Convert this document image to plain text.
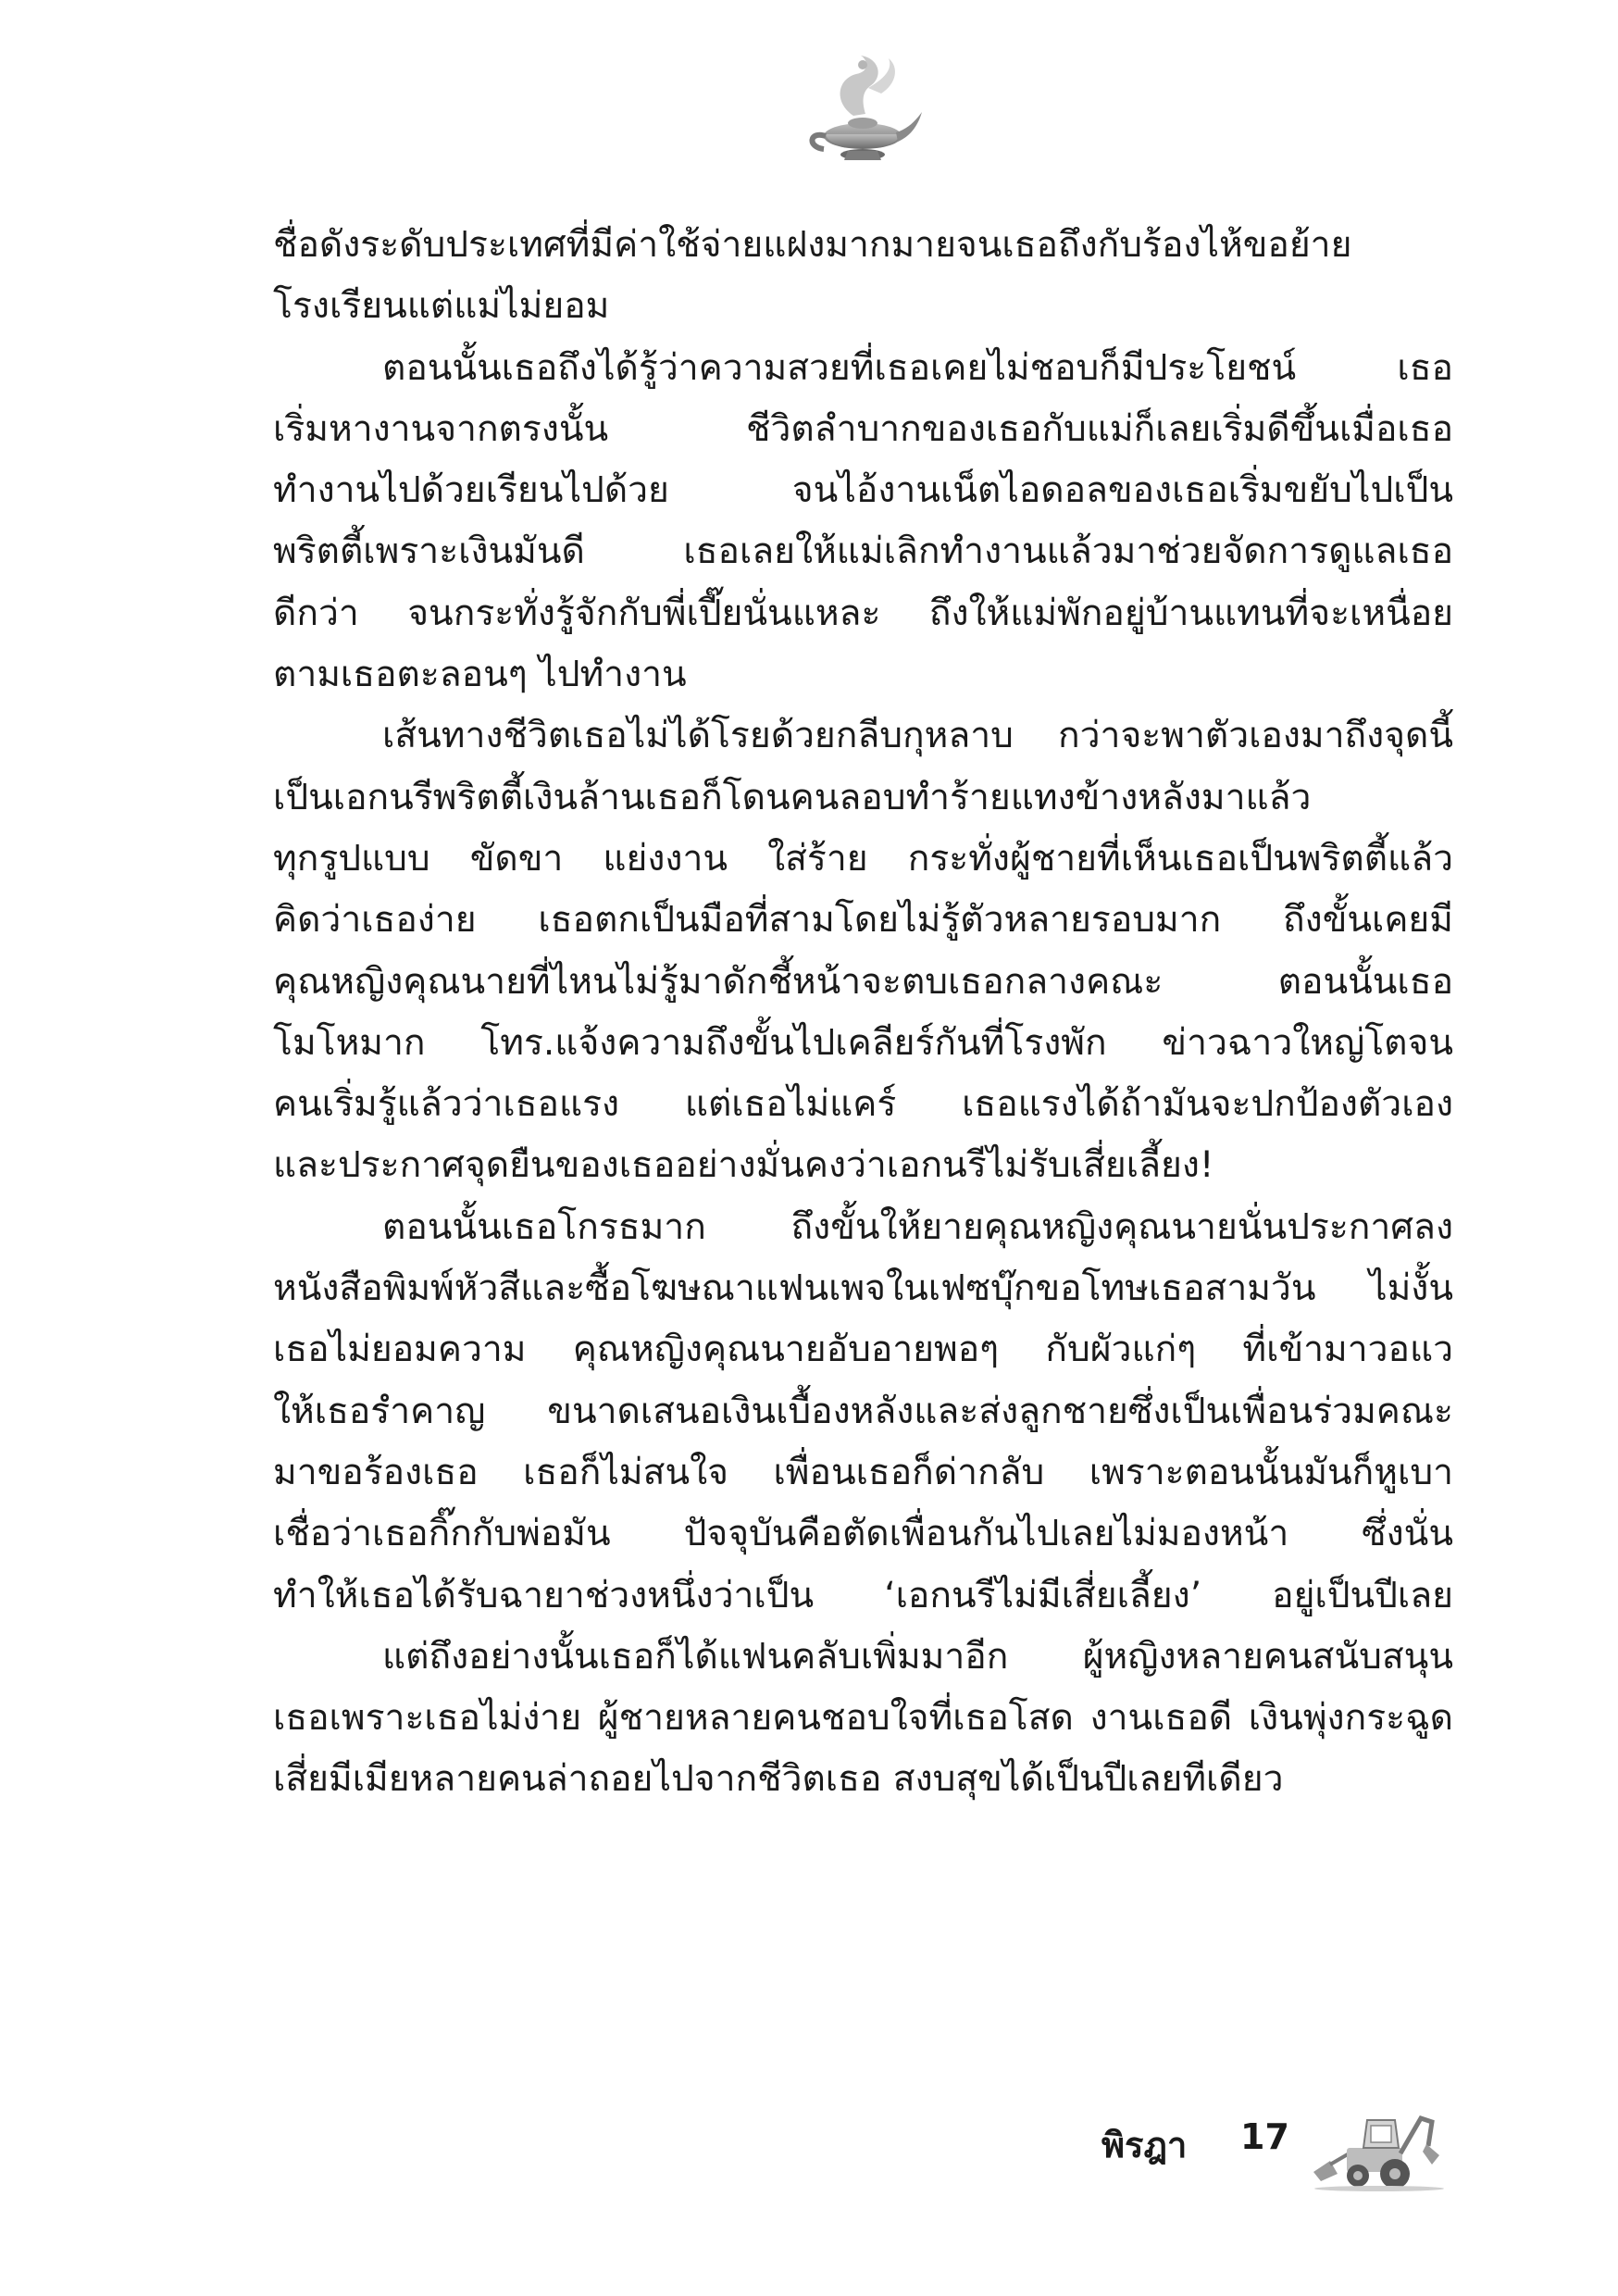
ชื่อดังระดับประเทศที่มีค่าใช้จ่ายแฝงมากมายจนเธอถึงกับร้องไห้ขอย้าย
โรงเรียนแต่แม่ไม่ยอม
ตอนนั้นเธอถึงได้รู้ว่าความสวยที่เธอเคยไม่ชอบก็มีประโยชน์ เธอ
เริ่มหางานจากตรงนั้น ชีวิตลำบากของเธอกับแม่ก็เลยเริ่มดีขึ้นเมื่อเธอ
ทำงานไปด้วยเรียนไปด้วย จนไอ้งานเน็ตไอดอลของเธอเริ่มขยับไปเป็น
พริตตี้เพราะเงินมันดี เธอเลยให้แม่เลิกทำงานแล้วมาช่วยจัดการดูแลเธอ
ดีกว่า จนกระทั่งรู้จักกับพี่เปี๊ยนั่นแหละ ถึงให้แม่พักอยู่บ้านแทนที่จะเหนื่อย
ตามเธอตะลอนๆ ไปทำงาน
เส้นทางชีวิตเธอไม่ได้โรยด้วยกลีบกุหลาบ กว่าจะพาตัวเองมาถึงจุดนี้
เป็นเอกนรีพริตตี้เงินล้านเธอก็โดนคนลอบทำร้ายแทงข้างหลังมาแล้ว
ทุกรูปแบบ ขัดขา แย่งงาน ใส่ร้าย กระทั่งผู้ชายที่เห็นเธอเป็นพริตตี้แล้ว
คิดว่าเธอง่าย เธอตกเป็นมือที่สามโดยไม่รู้ตัวหลายรอบมาก ถึงขั้นเคยมี
คุณหญิงคุณนายที่ไหนไม่รู้มาดักชี้หน้าจะตบเธอกลางคณะ ตอนนั้นเธอ
โมโหมาก โทร.แจ้งความถึงขั้นไปเคลียร์กันที่โรงพัก ข่าวฉาวใหญ่โตจน
คนเริ่มรู้แล้วว่าเธอแรง แต่เธอไม่แคร์ เธอแรงได้ถ้ามันจะปกป้องตัวเอง
และประกาศจุดยืนของเธออย่างมั่นคงว่าเอกนรีไม่รับเสี่ยเลี้ยง!
ตอนนั้นเธอโกรธมาก ถึงขั้นให้ยายคุณหญิงคุณนายนั่นประกาศลง
หนังสือพิมพ์หัวสีและซื้อโฆษณาแฟนเพจในเฟซบุ๊กขอโทษเธอสามวัน ไม่งั้น
เธอไม่ยอมความ คุณหญิงคุณนายอับอายพอๆ กับผัวแก่ๆ ที่เข้ามาวอแว
ให้เธอรำคาญ ขนาดเสนอเงินเบื้องหลังและส่งลูกชายซึ่งเป็นเพื่อนร่วมคณะ
มาขอร้องเธอ เธอก็ไม่สนใจ เพื่อนเธอก็ด่ากลับ เพราะตอนนั้นมันก็หูเบา
เชื่อว่าเธอกิ๊กกับพ่อมัน ปัจจุบันคือตัดเพื่อนกันไปเลยไม่มองหน้า ซึ่งนั่น
ทำให้เธอได้รับฉายาช่วงหนึ่งว่าเป็น ‘เอกนรีไม่มีเสี่ยเลี้ยง’ อยู่เป็นปีเลย
แต่ถึงอย่างนั้นเธอก็ได้แฟนคลับเพิ่มมาอีก ผู้หญิงหลายคนสนับสนุน
เธอเพราะเธอไม่ง่าย ผู้ชายหลายคนชอบใจที่เธอโสด งานเธอดี เงินพุ่งกระฉูด
เสี่ยมีเมียหลายคนล่าถอยไปจากชีวิตเธอ สงบสุขได้เป็นปีเลยทีเดียว
พิรฎา 17
